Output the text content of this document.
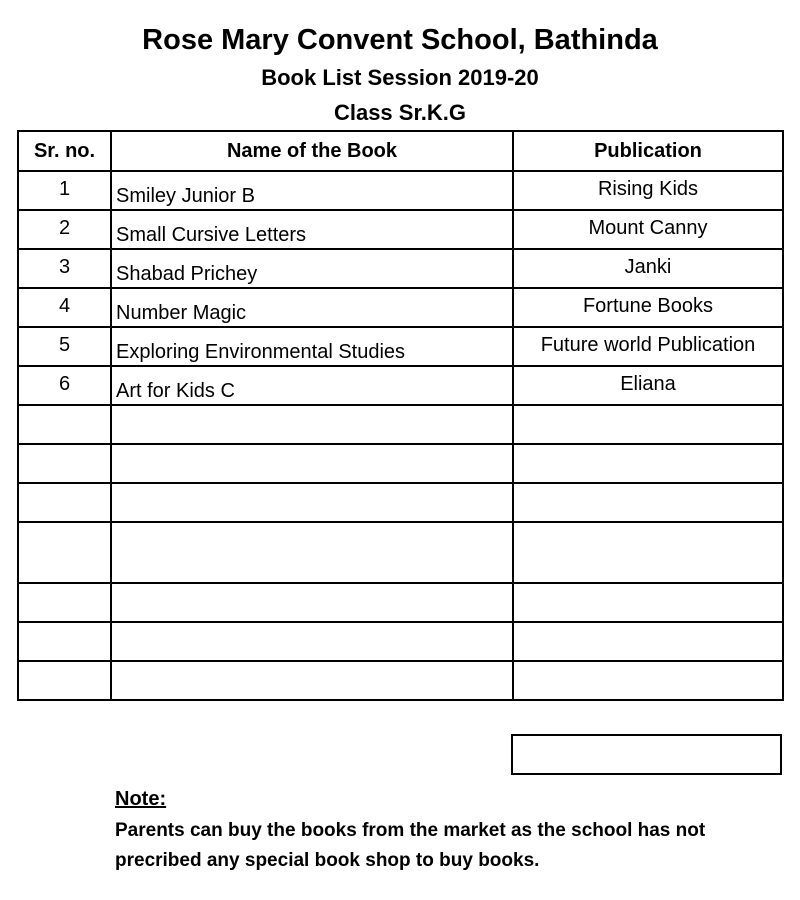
Rose Mary Convent School, Bathinda
Book List Session 2019-20
Class Sr.K.G
Sr. no.	Name of the Book	Publication
1	Smiley Junior B	Rising Kids
2	Small Cursive Letters	Mount Canny
3	Shabad Prichey	Janki
4	Number Magic	Fortune Books
5	Exploring Environmental Studies	Future world Publication
6	Art for Kids C	Eliana

Note:
Parents can buy the books from the market as the school has not precribed any special book shop to buy books.
